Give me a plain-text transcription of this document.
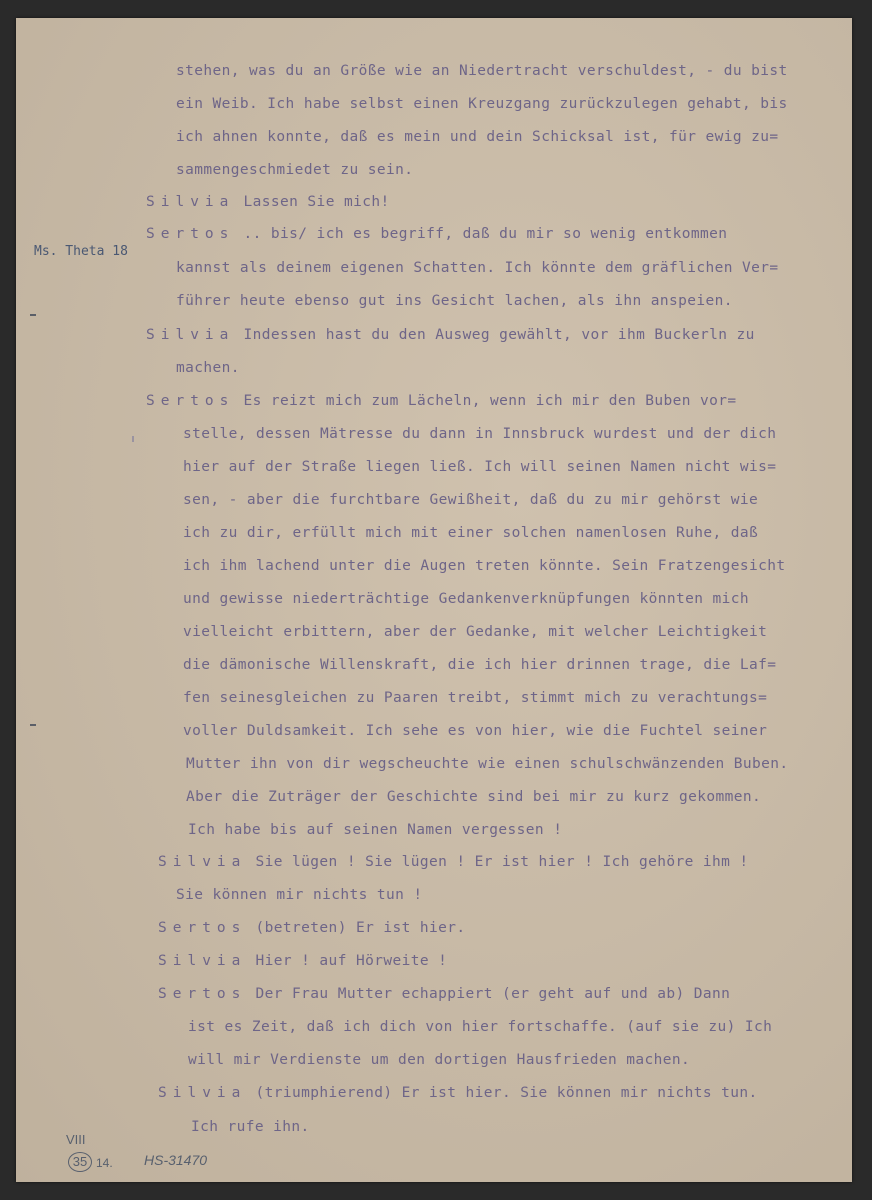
Ms. Theta 18
stehen, was du an Größe wie an Niedertracht verschuldest, - du bist
ein Weib. Ich habe selbst einen Kreuzgang zurückzulegen gehabt, bis
ich ahnen konnte, daß es mein und dein Schicksal ist, für ewig zu=
sammengeschmiedet zu sein.
Silvia Lassen Sie mich!
Sertos .. bis/ ich es begriff, daß du mir so wenig entkommen
kannst als deinem eigenen Schatten. Ich könnte dem gräflichen Ver=
führer heute ebenso gut ins Gesicht lachen, als ihn anspeien.
Silvia Indessen hast du den Ausweg gewählt, vor ihm Buckerln zu
machen.
Sertos Es reizt mich zum Lächeln, wenn ich mir den Buben vor=
stelle, dessen Mätresse du dann in Innsbruck wurdest und der dich
hier auf der Straße liegen ließ. Ich will seinen Namen nicht wis=
sen, - aber die furchtbare Gewißheit, daß du zu mir gehörst wie
ich zu dir, erfüllt mich mit einer solchen namenlosen Ruhe, daß
ich ihm lachend unter die Augen treten könnte. Sein Fratzengesicht
und gewisse niederträchtige Gedankenverknüpfungen könnten mich
vielleicht erbittern, aber der Gedanke, mit welcher Leichtigkeit
die dämonische Willenskraft, die ich hier drinnen trage, die Laf=
fen seinesgleichen zu Paaren treibt, stimmt mich zu verachtungs=
voller Duldsamkeit. Ich sehe es von hier, wie die Fuchtel seiner
Mutter ihn von dir wegscheuchte wie einen schulschwänzenden Buben.
Aber die Zuträger der Geschichte sind bei mir zu kurz gekommen.
Ich habe bis auf seinen Namen vergessen !
Silvia Sie lügen ! Sie lügen ! Er ist hier ! Ich gehöre ihm !
Sie können mir nichts tun !
Sertos (betreten) Er ist hier.
Silvia Hier ! auf Hörweite !
Sertos Der Frau Mutter echappiert (er geht auf und ab) Dann
ist es Zeit, daß ich dich von hier fortschaffe. (auf sie zu) Ich
will mir Verdienste um den dortigen Hausfrieden machen.
Silvia (triumphierend) Er ist hier. Sie können mir nichts tun.
Ich rufe ihn.
VIII
35 14. HS-31470
